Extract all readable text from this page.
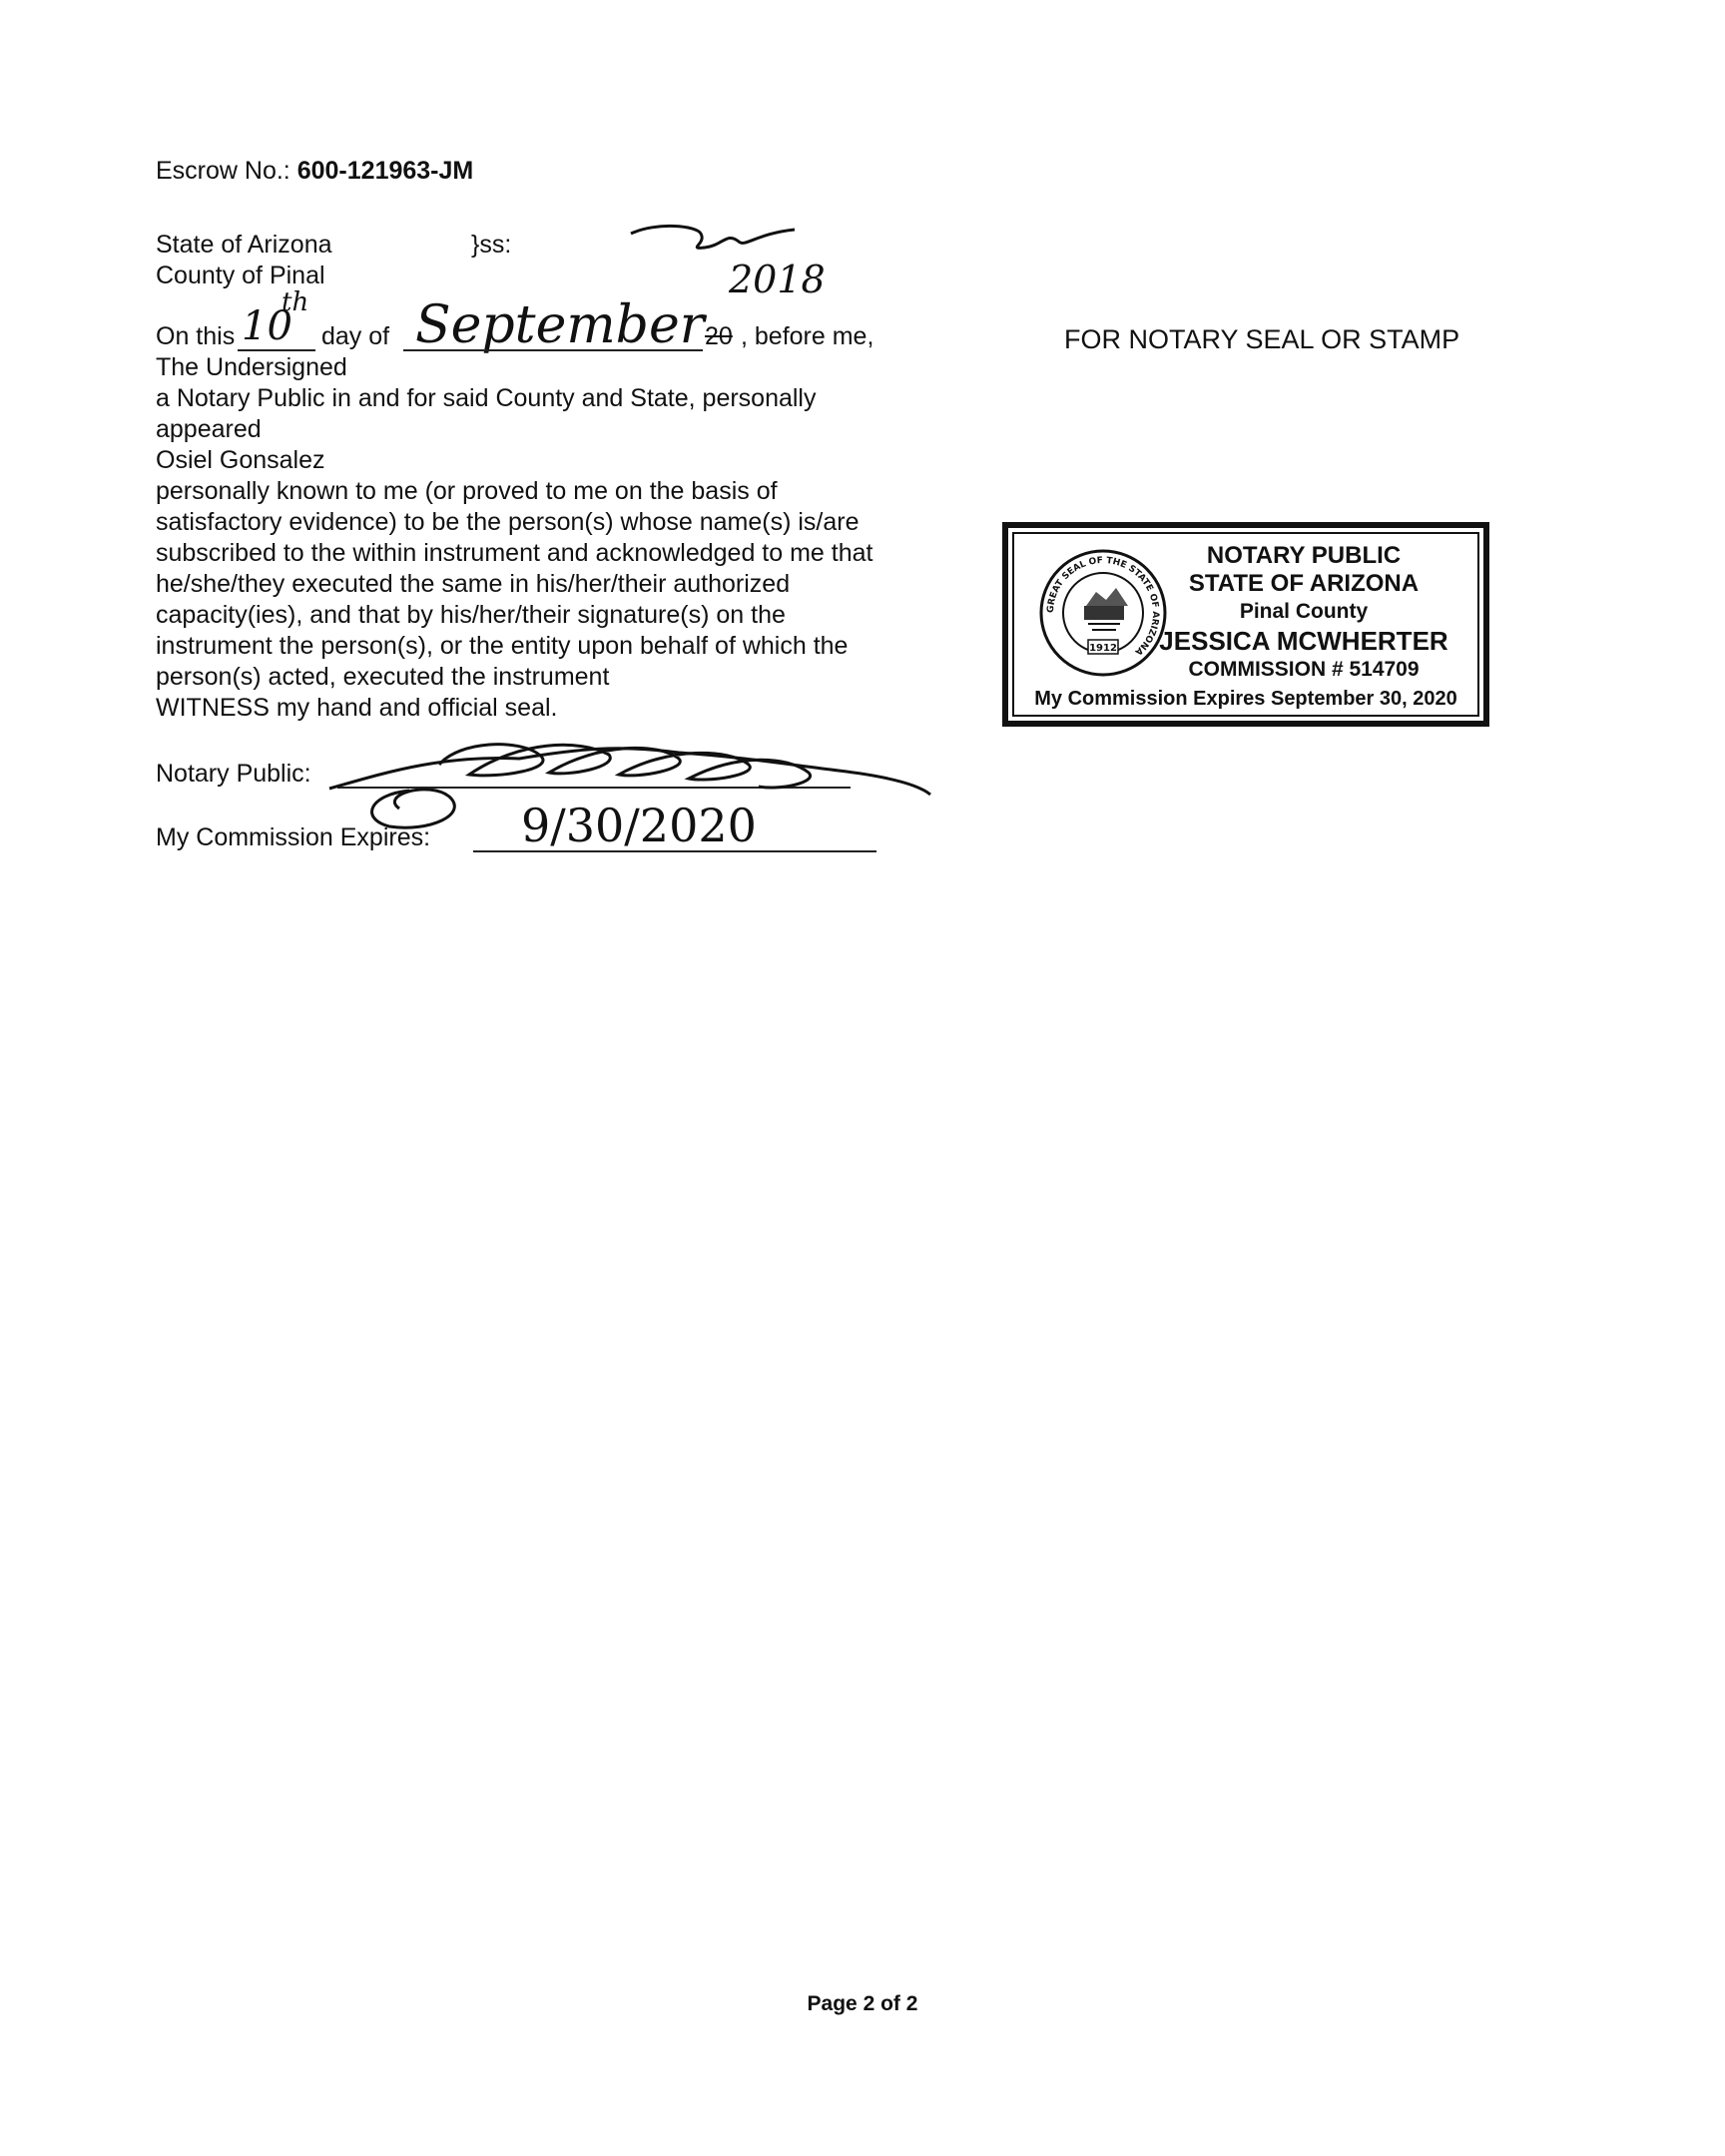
Escrow No.: 600-121963-JM
State of Arizona	}ss:
County of Pinal	2018
On this 10
th
day of September 20 , before me,
The Undersigned
a Notary Public in and for said County and State, personally
appeared
Osiel Gonsalez
personally known to me (or proved to me on the basis of
satisfactory evidence) to be the person(s) whose name(s) is/are
subscribed to the within instrument and acknowledged to me that
he/she/they executed the same in his/her/their authorized
capacity(ies), and that by his/her/their signature(s) on the
instrument the person(s), or the entity upon behalf of which the
person(s) acted, executed the instrument
WITNESS my hand and official seal.
Notary Public:
My Commission Expires: 9/30/2020
FOR NOTARY SEAL OR STAMP
GREAT SEAL OF THE STATE OF ARIZONA
1912
NOTARY PUBLIC
STATE OF ARIZONA
Pinal County
JESSICA MCWHERTER
COMMISSION # 514709
My Commission Expires September 30, 2020
Page 2 of 2
